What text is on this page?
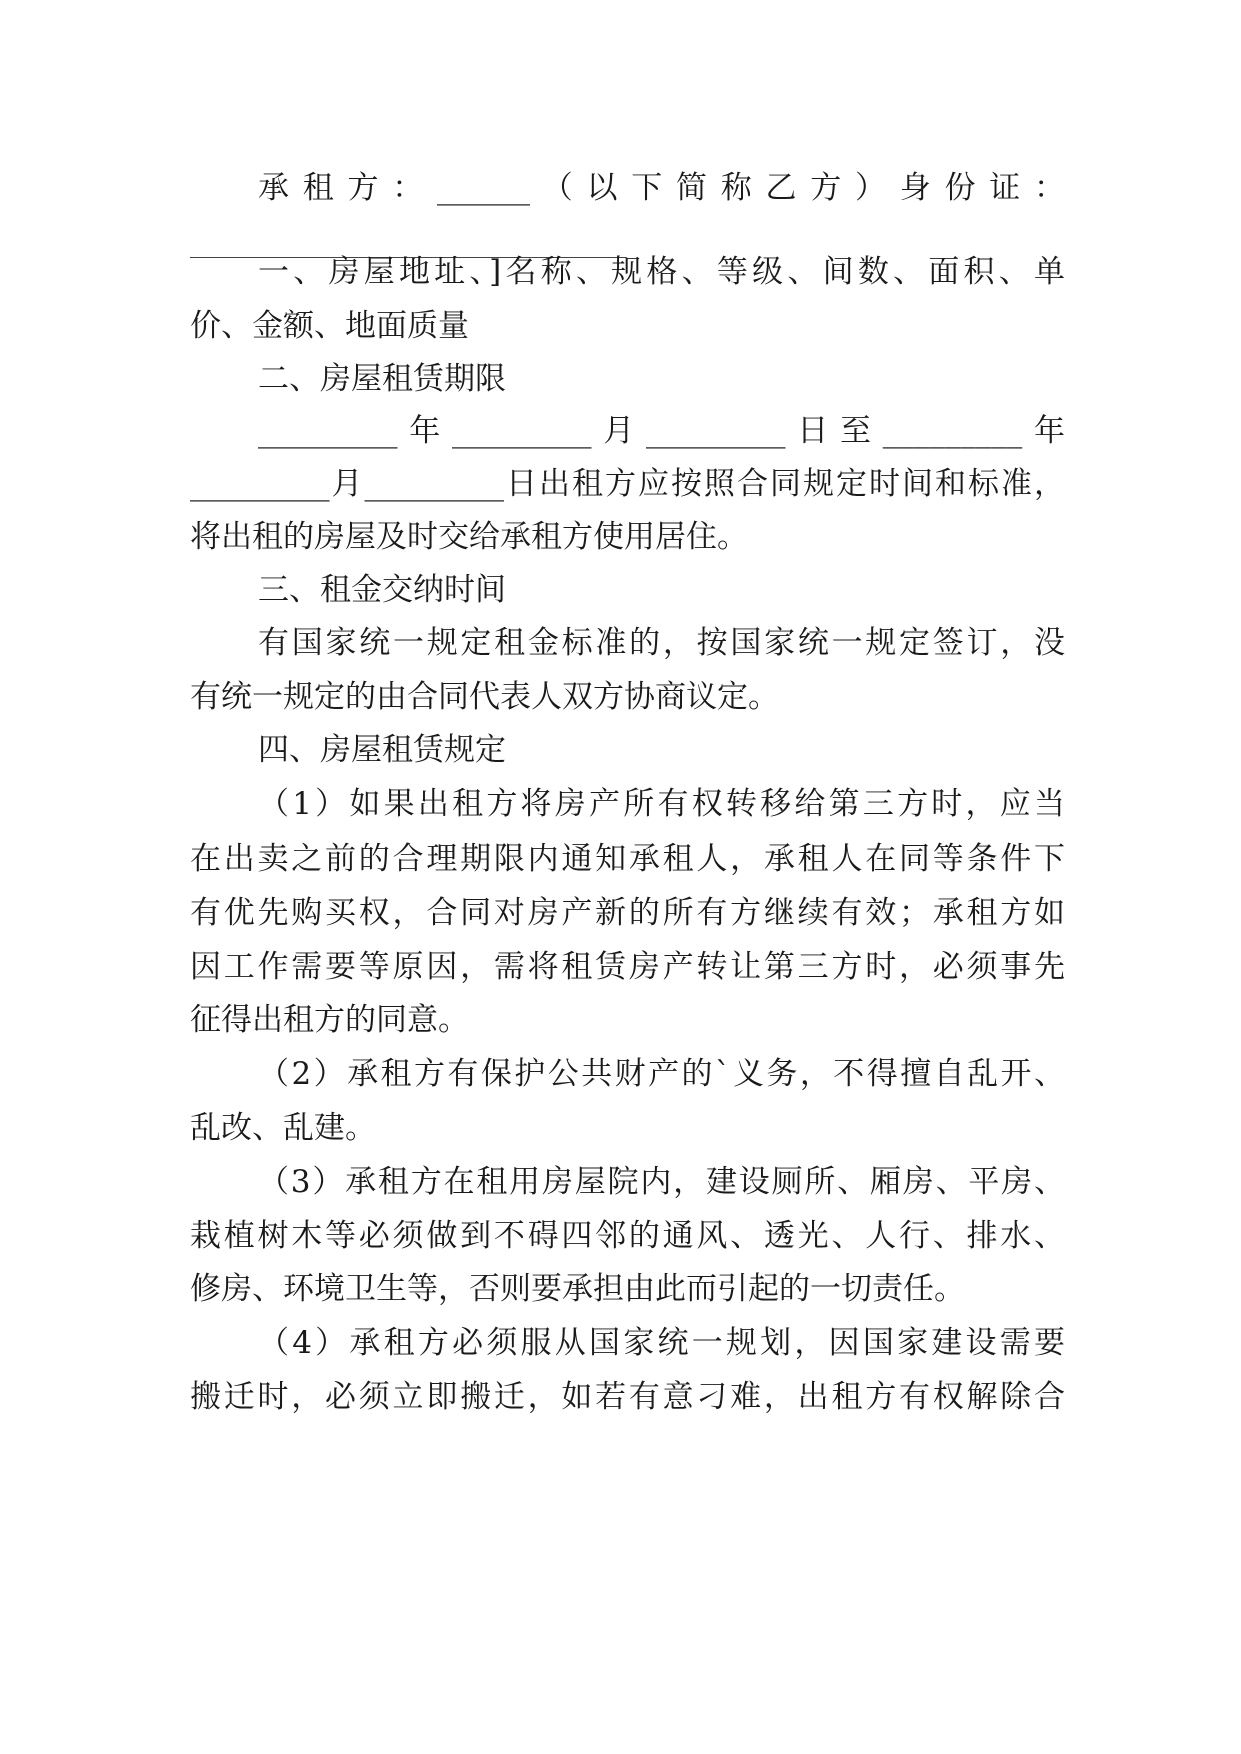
承 租 方 ： ______ （ 以 下 简 称 乙 方 ） 身 份 证 ：
一、房屋地址、]名称、规格、等级、间数、面积、单
价、金额、地面质量
二、房屋租赁期限
_________年_________月_________日至_________年
_________月_________日出租方应按照合同规定时间和标准，
将出租的房屋及时交给承租方使用居住。
三、租金交纳时间
有国家统一规定租金标准的，按国家统一规定签订，没
有统一规定的由合同代表人双方协商议定。
四、房屋租赁规定
（1）如果出租方将房产所有权转移给第三方时，应当
在出卖之前的合理期限内通知承租人，承租人在同等条件下
有优先购买权，合同对房产新的所有方继续有效；承租方如
因工作需要等原因，需将租赁房产转让第三方时，必须事先
征得出租方的同意。
（2）承租方有保护公共财产的`义务，不得擅自乱开、
乱改、乱建。
（3）承租方在租用房屋院内，建设厕所、厢房、平房、
栽植树木等必须做到不碍四邻的通风、透光、人行、排水、
修房、环境卫生等，否则要承担由此而引起的一切责任。
（4）承租方必须服从国家统一规划，因国家建设需要
搬迁时，必须立即搬迁，如若有意刁难，出租方有权解除合
